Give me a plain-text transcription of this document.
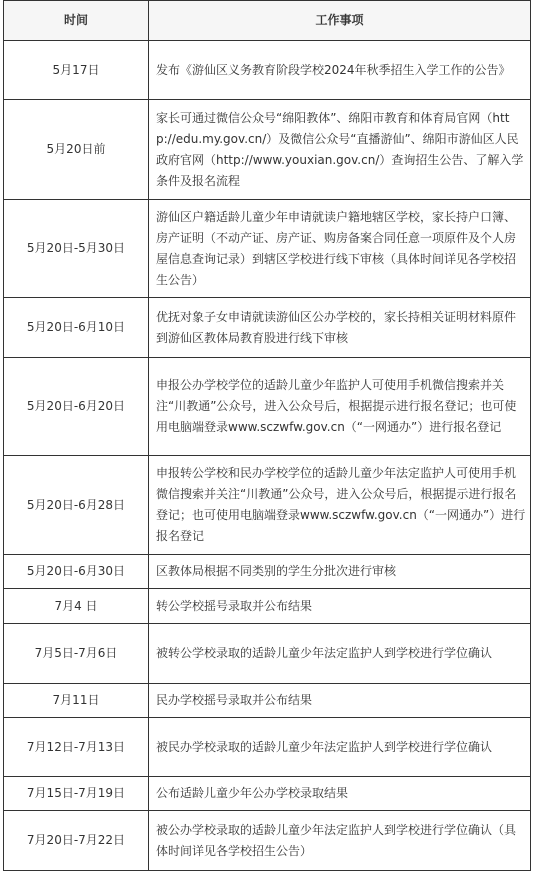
时间	工作事项
5月17日	发布《游仙区义务教育阶段学校2024年秋季招生入学工作的公告》
5月20日前	家长可通过微信公众号“绵阳教体”、绵阳市教育和体育局官网（http://edu.my.gov.cn/）及微信公众号“直播游仙”、绵阳市游仙区人民政府官网（http://www.youxian.gov.cn/）查询招生公告、了解入学条件及报名流程
5月20日-5月30日	游仙区户籍适龄儿童少年申请就读户籍地辖区学校，家长持户口簿、房产证明（不动产证、房产证、购房备案合同任意一项原件及个人房屋信息查询记录）到辖区学校进行线下审核（具体时间详见各学校招生公告）
5月20日-6月10日	优抚对象子女申请就读游仙区公办学校的，家长持相关证明材料原件到游仙区教体局教育股进行线下审核
5月20日-6月20日	申报公办学校学位的适龄儿童少年监护人可使用手机微信搜索并关注“川教通”公众号，进入公众号后，根据提示进行报名登记；也可使用电脑端登录www.sczwfw.gov.cn（“一网通办”）进行报名登记
5月20日-6月28日	申报转公学校和民办学校学位的适龄儿童少年法定监护人可使用手机微信搜索并关注“川教通”公众号，进入公众号后，根据提示进行报名登记；也可使用电脑端登录www.sczwfw.gov.cn（“一网通办”）进行报名登记
5月20日-6月30日	区教体局根据不同类别的学生分批次进行审核
7月4 日	转公学校摇号录取并公布结果
7月5日-7月6日	被转公学校录取的适龄儿童少年法定监护人到学校进行学位确认
7月11日	民办学校摇号录取并公布结果
7月12日-7月13日	被民办学校录取的适龄儿童少年法定监护人到学校进行学位确认
7月15日-7月19日	公布适龄儿童少年公办学校录取结果
7月20日-7月22日	被公办学校录取的适龄儿童少年法定监护人到学校进行学位确认（具体时间详见各学校招生公告）
